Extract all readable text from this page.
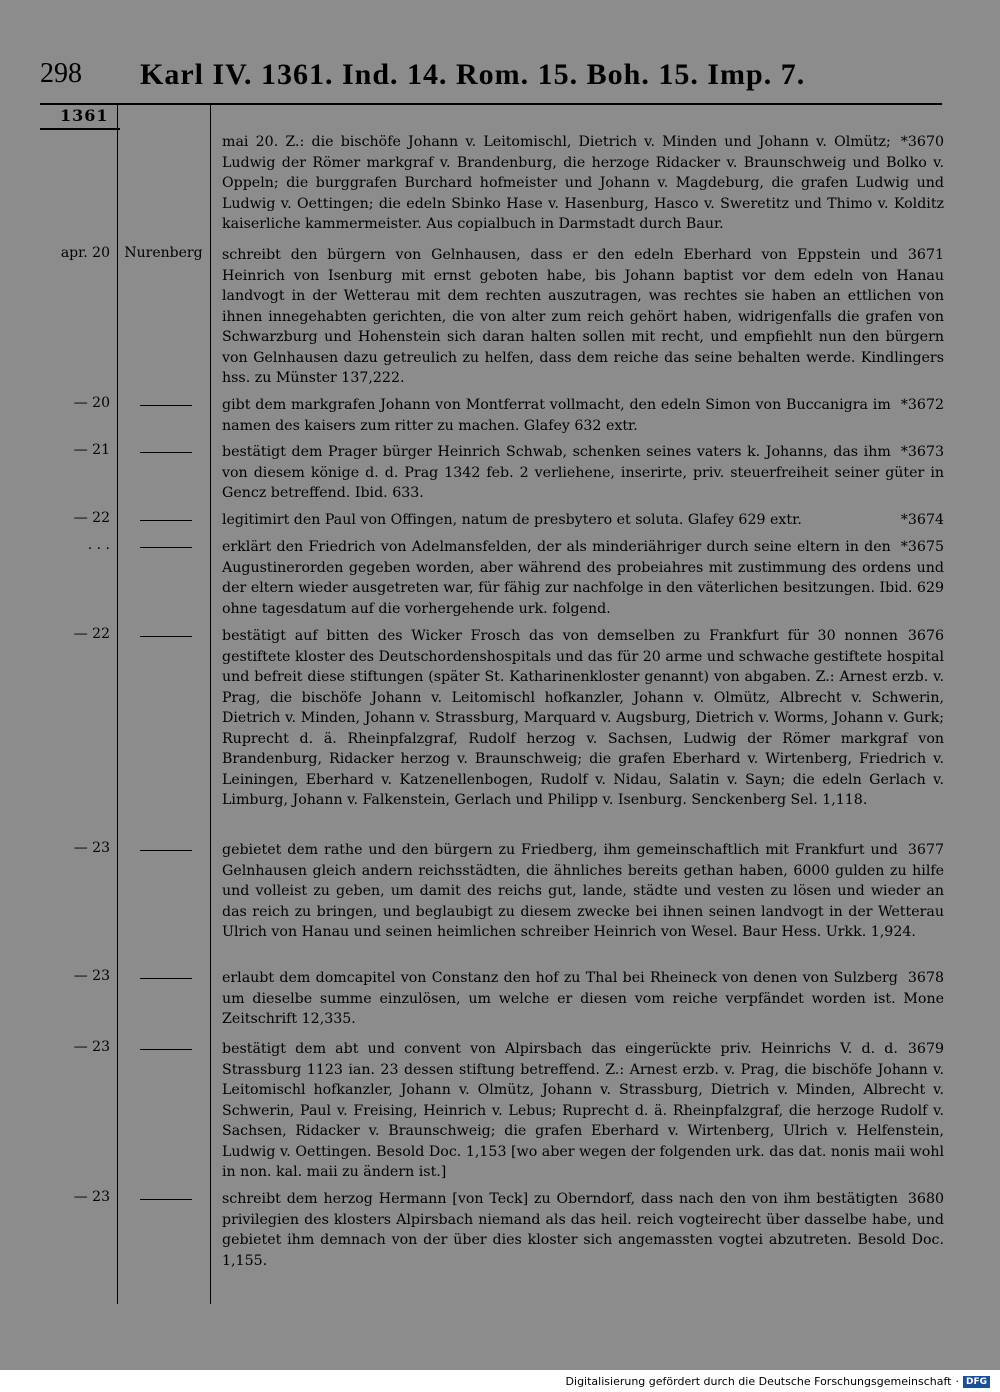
298 Karl IV. 1361. Ind. 14. Rom. 15. Boh. 15. Imp. 7.
1361

*3670
mai 20. Z.: die bischöfe Johann v. Leitomischl, Dietrich v. Minden und Johann v. Olmütz; Ludwig der Römer markgraf v. Brandenburg, die herzoge Ridacker v. Braunschweig und Bolko v. Oppeln; die burggrafen Burchard hofmeister und Johann v. Magdeburg, die grafen Ludwig und Ludwig v. Oettingen; die edeln Sbinko Hase v. Hasenburg, Hasco v. Sweretitz und Thimo v. Kolditz kaiserliche kammermeister. Aus copialbuch in Darmstadt durch Baur.

apr. 20 Nurenberg	3671
schreibt den bürgern von Gelnhausen, dass er den edeln Eberhard von Eppstein und Heinrich von Isenburg mit ernst geboten habe, bis Johann baptist vor dem edeln von Hanau landvogt in der Wetterau mit dem rechten auszutragen, was rechtes sie haben an ettlichen von ihnen innegehabten gerichten, die von alter zum reich gehört haben, widrigenfalls die grafen von Schwarzburg und Hohenstein sich daran halten sollen mit recht, und empfiehlt nun den bürgern von Gelnhausen dazu getreulich zu helfen, dass dem reiche das seine behalten werde. Kindlingers hss. zu Münster 137,222.

— 20	*3672
gibt dem markgrafen Johann von Montferrat vollmacht, den edeln Simon von Buccanigra im namen des kaisers zum ritter zu machen. Glafey 632 extr.

— 21	*3673
bestätigt dem Prager bürger Heinrich Schwab, schenken seines vaters k. Johanns, das ihm von diesem könige d. d. Prag 1342 feb. 2 verliehene, inserirte, priv. steuerfreiheit seiner güter in Gencz betreffend. Ibid. 633.

— 22	*3674
legitimirt den Paul von Offingen, natum de presbytero et soluta. Glafey 629 extr.

. . .	*3675
erklärt den Friedrich von Adelmansfelden, der als minderiähriger durch seine eltern in den Augustinerorden gegeben worden, aber während des probeiahres mit zustimmung des ordens und der eltern wieder ausgetreten war, für fähig zur nachfolge in den väterlichen besitzungen. Ibid. 629 ohne tagesdatum auf die vorhergehende urk. folgend.

— 22	3676
bestätigt auf bitten des Wicker Frosch das von demselben zu Frankfurt für 30 nonnen gestiftete kloster des Deutschordenshospitals und das für 20 arme und schwache gestiftete hospital und befreit diese stiftungen (später St. Katharinenkloster genannt) von abgaben. Z.: Arnest erzb. v. Prag, die bischöfe Johann v. Leitomischl hofkanzler, Johann v. Olmütz, Albrecht v. Schwerin, Dietrich v. Minden, Johann v. Strassburg, Marquard v. Augsburg, Dietrich v. Worms, Johann v. Gurk; Ruprecht d. ä. Rheinpfalzgraf, Rudolf herzog v. Sachsen, Ludwig der Römer markgraf von Brandenburg, Ridacker herzog v. Braunschweig; die grafen Eberhard v. Wirtenberg, Friedrich v. Leiningen, Eberhard v. Katzenellenbogen, Rudolf v. Nidau, Salatin v. Sayn; die edeln Gerlach v. Limburg, Johann v. Falkenstein, Gerlach und Philipp v. Isenburg. Senckenberg Sel. 1,118.

— 23	3677
gebietet dem rathe und den bürgern zu Friedberg, ihm gemeinschaftlich mit Frankfurt und Gelnhausen gleich andern reichsstädten, die ähnliches bereits gethan haben, 6000 gulden zu hilfe und volleist zu geben, um damit des reichs gut, lande, städte und vesten zu lösen und wieder an das reich zu bringen, und beglaubigt zu diesem zwecke bei ihnen seinen landvogt in der Wetterau Ulrich von Hanau und seinen heimlichen schreiber Heinrich von Wesel. Baur Hess. Urkk. 1,924.

— 23	3678
erlaubt dem domcapitel von Constanz den hof zu Thal bei Rheineck von denen von Sulzberg um dieselbe summe einzulösen, um welche er diesen vom reiche verpfändet worden ist. Mone Zeitschrift 12,335.

— 23	3679
bestätigt dem abt und convent von Alpirsbach das eingerückte priv. Heinrichs V. d. d. Strassburg 1123 ian. 23 dessen stiftung betreffend. Z.: Arnest erzb. v. Prag, die bischöfe Johann v. Leitomischl hofkanzler, Johann v. Olmütz, Johann v. Strassburg, Dietrich v. Minden, Albrecht v. Schwerin, Paul v. Freising, Heinrich v. Lebus; Ruprecht d. ä. Rheinpfalzgraf, die herzoge Rudolf v. Sachsen, Ridacker v. Braunschweig; die grafen Eberhard v. Wirtenberg, Ulrich v. Helfenstein, Ludwig v. Oettingen. Besold Doc. 1,153 [wo aber wegen der folgenden urk. das dat. nonis maii wohl in non. kal. maii zu ändern ist.]

— 23	3680
schreibt dem herzog Hermann [von Teck] zu Oberndorf, dass nach den von ihm bestätigten privilegien des klosters Alpirsbach niemand als das heil. reich vogteirecht über dasselbe habe, und gebietet ihm demnach von der über dies kloster sich angemassten vogtei abzutreten. Besold Doc. 1,155.

Digitalisierung gefördert durch die Deutsche Forschungsgemeinschaft · DFG
